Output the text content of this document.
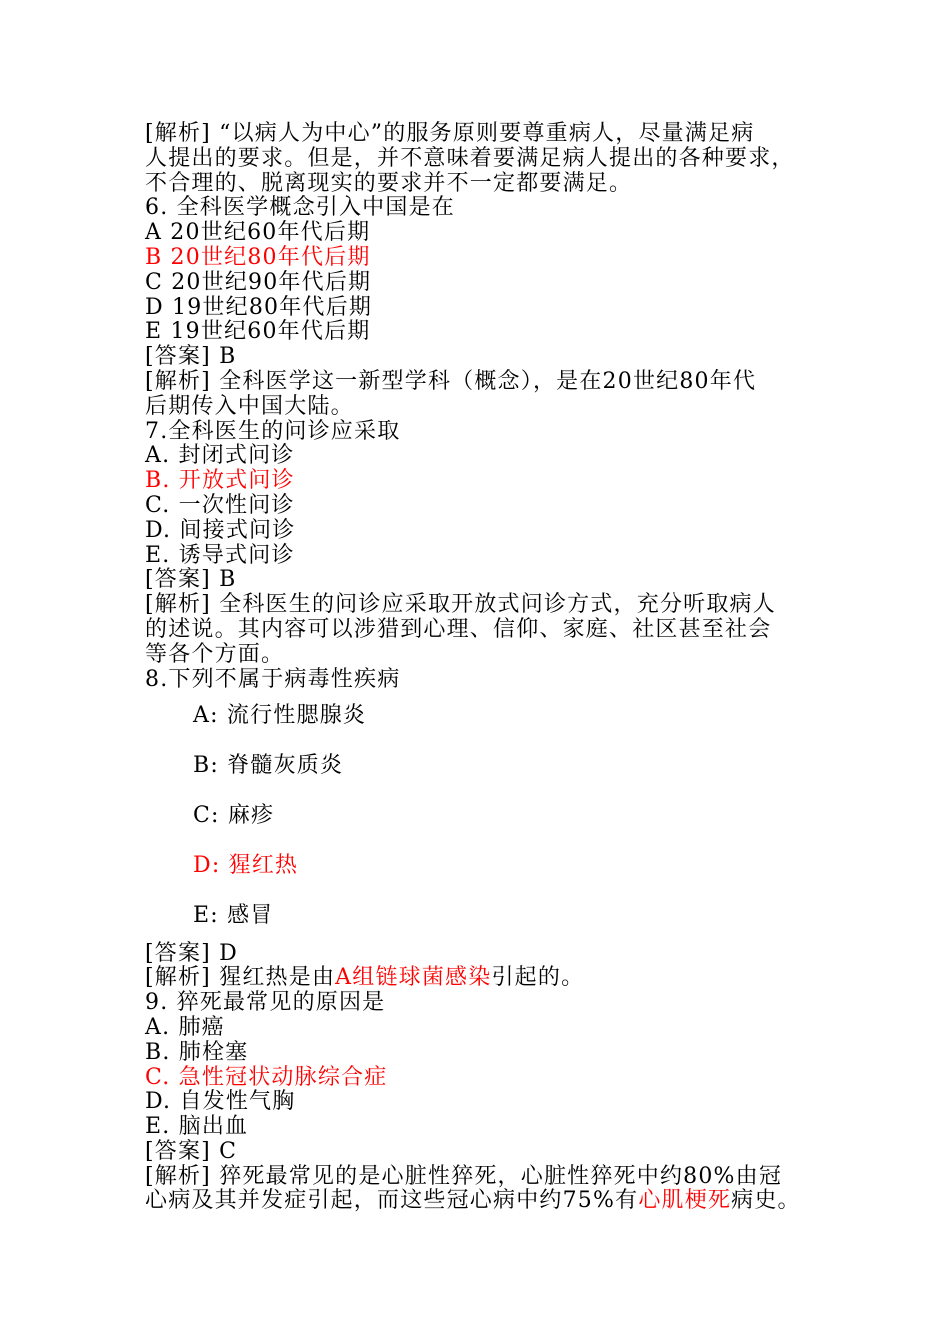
[解析] “以病人为中心”的服务原则要尊重病人，尽量满足病

人提出的要求。但是，并不意味着要满足病人提出的各种要求，

不合理的、脱离现实的要求并不一定都要满足。

6. 全科医学概念引入中国是在

A 20世纪60年代后期

B 20世纪80年代后期

C 20世纪90年代后期

D 19世纪80年代后期

E 19世纪60年代后期

[答案] B

[解析] 全科医学这一新型学科（概念），是在20世纪80年代

后期传入中国大陆。

7.全科医生的问诊应采取

A. 封闭式问诊

B. 开放式问诊

C. 一次性问诊

D. 间接式问诊

E. 诱导式问诊

[答案] B

[解析] 全科医生的问诊应采取开放式问诊方式，充分听取病人

的述说。其内容可以涉猎到心理、信仰、家庭、社区甚至社会

等各个方面。

8.下列不属于病毒性疾病

A: 流行性腮腺炎

B: 脊髓灰质炎

C: 麻疹

D: 猩红热

E: 感冒

[答案] D

[解析] 猩红热是由A组链球菌感染引起的。

9. 猝死最常见的原因是

A. 肺癌

B. 肺栓塞

C. 急性冠状动脉综合症

D. 自发性气胸

E. 脑出血

[答案] C

[解析] 猝死最常见的是心脏性猝死，心脏性猝死中约80%由冠

心病及其并发症引起，而这些冠心病中约75%有心肌梗死病史。
